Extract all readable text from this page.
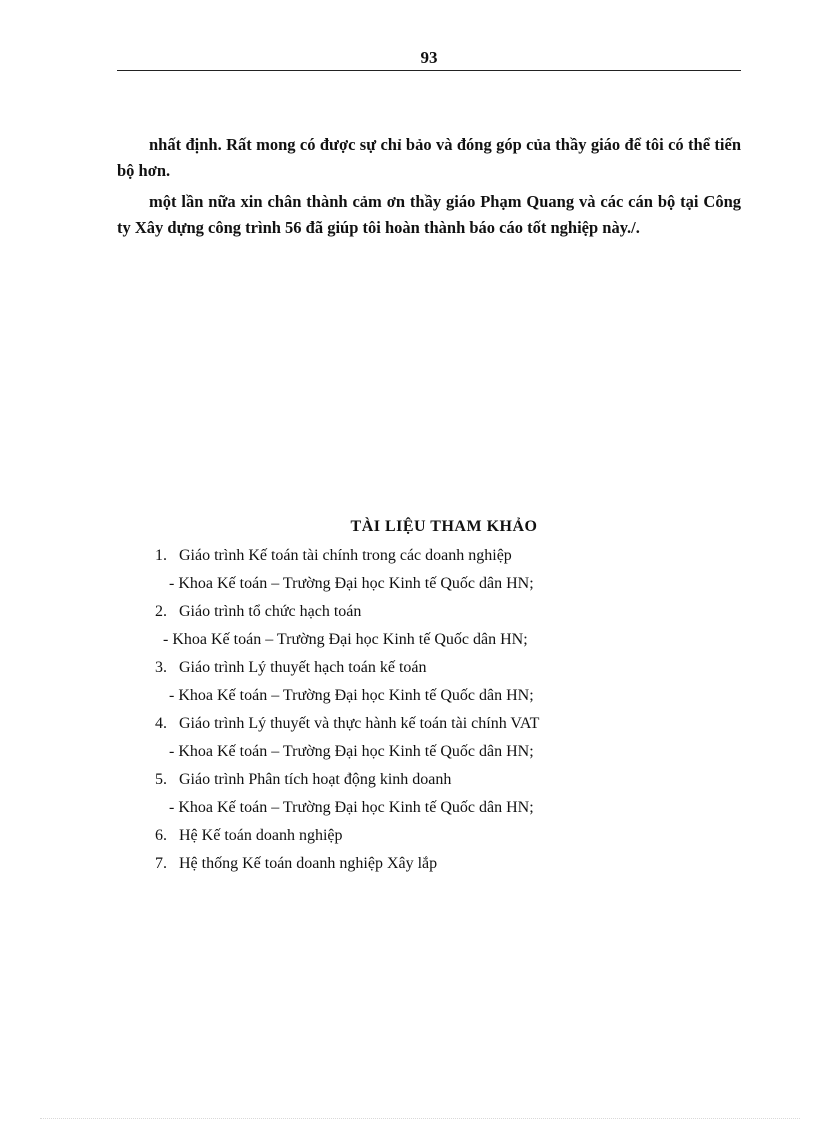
93

nhất định. Rất mong có được sự chỉ bảo và đóng góp của thầy giáo để tôi có thể tiến bộ hơn.

một lần nữa xin chân thành cảm ơn thầy giáo Phạm Quang và các cán bộ tại Công ty Xây dựng công trình 56 đã giúp tôi hoàn thành báo cáo tốt nghiệp này./.

TÀI LIỆU THAM KHẢO
1. Giáo trình Kế toán tài chính trong các doanh nghiệp
- Khoa Kế toán – Trường Đại học Kinh tế Quốc dân HN;
2. Giáo trình tổ chức hạch toán
- Khoa Kế toán – Trường Đại học Kinh tế Quốc dân HN;
3. Giáo trình Lý thuyết hạch toán kế toán
- Khoa Kế toán – Trường Đại học Kinh tế Quốc dân HN;
4. Giáo trình Lý thuyết và thực hành kế toán tài chính VAT
- Khoa Kế toán – Trường Đại học Kinh tế Quốc dân HN;
5. Giáo trình Phân tích hoạt động kinh doanh
- Khoa Kế toán – Trường Đại học Kinh tế Quốc dân HN;
6. Hệ Kế toán doanh nghiệp
7. Hệ thống Kế toán doanh nghiệp Xây lắp
